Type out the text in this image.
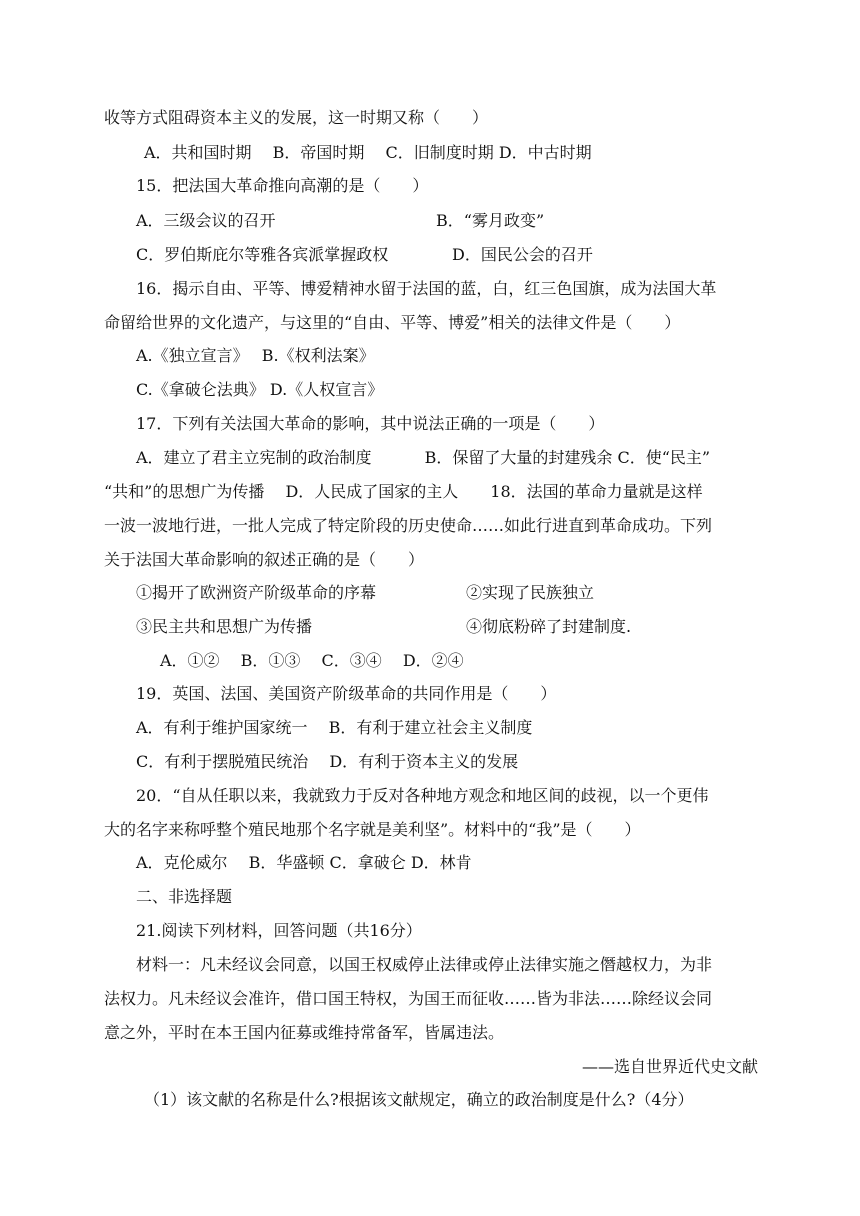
收等方式阻碍资本主义的发展，这一时期又称（　　）
A．共和国时期　 B．帝国时期　 C．旧制度时期 D．中古时期
15．把法国大革命推向高潮的是（　　）
A．三级会议的召开	B．“雾月政变”
C．罗伯斯庇尔等雅各宾派掌握政权	D．国民公会的召开
16．揭示自由、平等、博爱精神水留于法国的蓝，白，红三色国旗，成为法国大革
命留给世界的文化遗产，与这里的“自由、平等、博爱”相关的法律文件是（　　）
A.《独立宣言》　 B.《权利法案》
C.《拿破仑法典》 D.《人权宣言》
17．下列有关法国大革命的影响，其中说法正确的一项是（　　）
A．建立了君主立宪制的政治制度　　　 B．保留了大量的封建残余 C．使“民主”
“共和”的思想广为传播　 D．人民成了国家的主人　　18．法国的革命力量就是这样
一波一波地行进，一批人完成了特定阶段的历史使命……如此行进直到革命成功。下列
关于法国大革命影响的叙述正确的是（　　）
①揭开了欧洲资产阶级革命的序幕	②实现了民族独立
③民主共和思想广为传播	④彻底粉碎了封建制度.
A．①②　 B．①③　 C．③④　 D．②④
19．英国、法国、美国资产阶级革命的共同作用是（　　）
A．有利于维护国家统一　 B．有利于建立社会主义制度
C．有利于摆脱殖民统治　 D．有利于资本主义的发展
20．“自从任职以来，我就致力于反对各种地方观念和地区间的歧视，以一个更伟
大的名字来称呼整个殖民地那个名字就是美利坚”。材料中的“我”是（　　）
A．克伦威尔　 B．华盛顿 C．拿破仑 D．林肯
二、非选择题
21.阅读下列材料，回答问题（共16分）
材料一：凡未经议会同意，以国王权威停止法律或停止法律实施之僭越权力，为非
法权力。凡未经议会准许，借口国王特权，为国王而征收……皆为非法……除经议会同
意之外，平时在本王国内征募或维持常备军，皆属违法。
——选自世界近代史文献
（1）该文献的名称是什么?根据该文献规定，确立的政治制度是什么?（4分）
